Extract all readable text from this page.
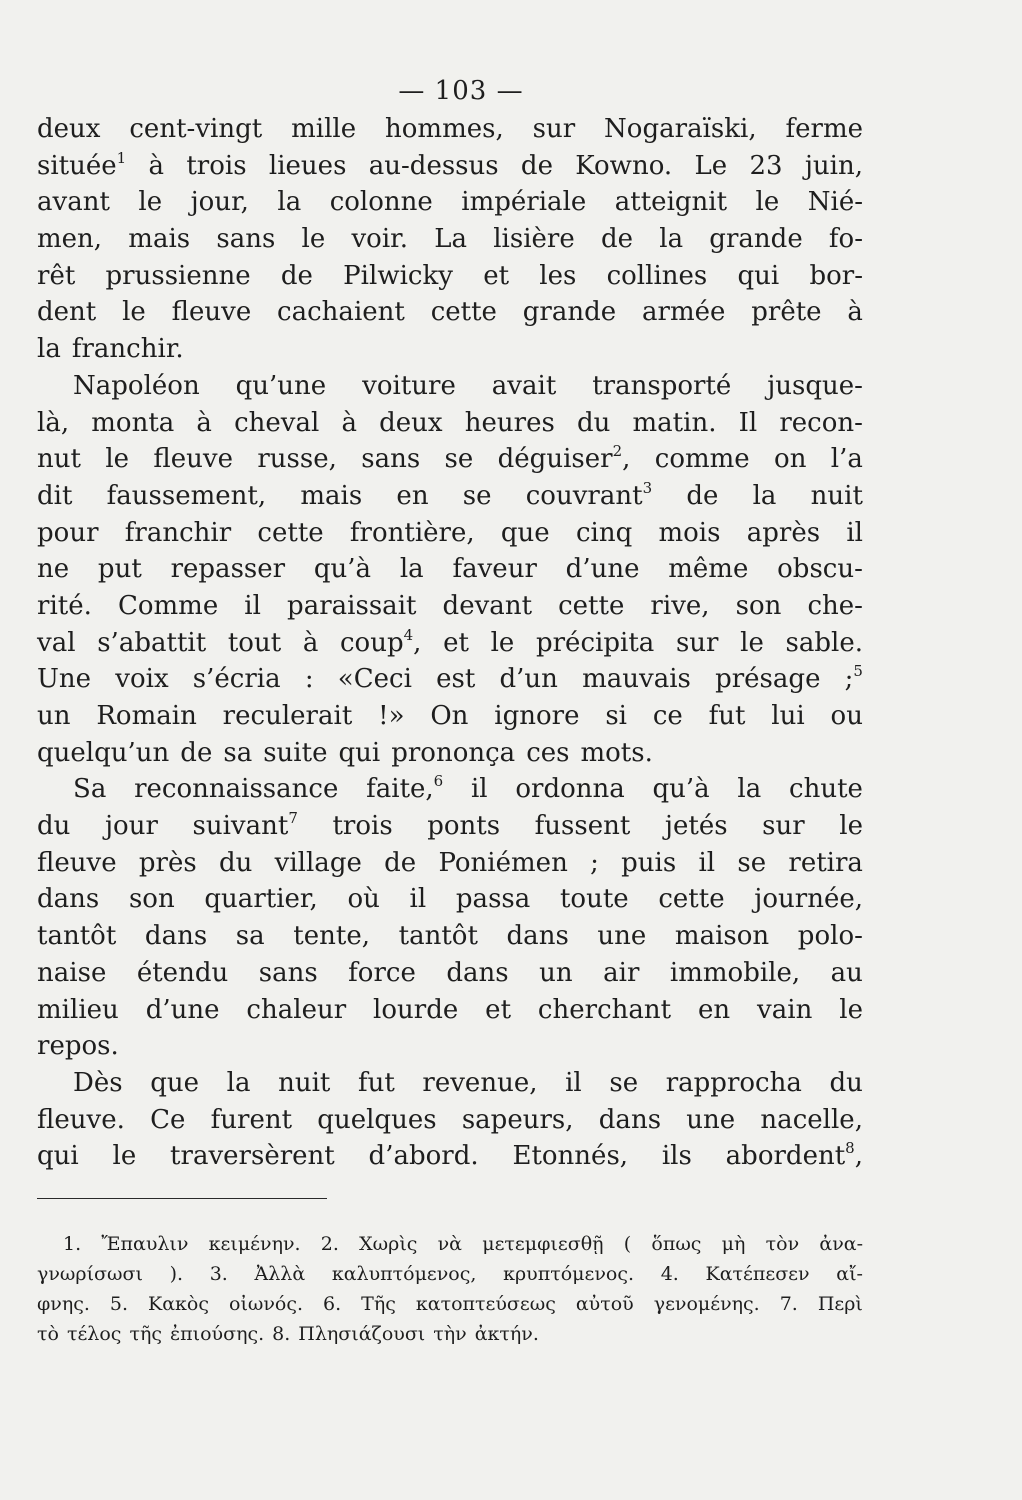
— 103 —
deux cent-vingt mille hommes, sur Nogaraïski, ferme
située$^1$ à trois lieues au-dessus de Kowno. Le 23 juin,
avant le jour, la colonne impériale atteignit le Nié-
men, mais sans le voir. La lisière de la grande fo-
rêt prussienne de Pilwicky et les collines qui bor-
dent le feuve cachaient cette grande armée prête à
la franchir.
Napoléon qu’une voiture avait transporté jusque-
là, monta à cheval à deux heures du matin. Il recon-
nut le feuve russe, sans se déguiser$^2$, comme on l’a
dit faussement, mais en se couvrant$^3$ de la nuit
pour franchir cette frontière, que cinq mois après il
ne put repasser qu’à la faveur d’une même obscu-
rité. Comme il paraissait devant cette rive, son che-
val s’abattit tout à coup$^4$, et le précipita sur le sable.
Une voix s’écria : «Ceci est d’un mauvais présage ;$^5$
un Romain reculerait !» On ignore si ce fut lui ou
quelqu’un de sa suite qui prononça ces mots.
Sa reconnaissance faite,$^6$ il ordonna qu’à la chute
du jour suivant$^7$ trois ponts fussent jetés sur le
feuve près du village de Poniémen ; puis il se retira
dans son quartier, où il passa toute cette journée,
tantôt dans sa tente, tantôt dans une maison polo-
naise étendu sans force dans un air immobile, au
milieu d’une chaleur lourde et cherchant en vain le
repos.
Dès que la nuit fut revenue, il se rapprocha du
feuve. Ce furent quelques sapeurs, dans une nacelle,
qui le traversèrent d’abord. Etonnés, ils abordent$^8$,
1. Ἔπαυλιν κειμένην. 2. Χωρὶς νὰ μετεμφιεσθῇ ( ὅπως μὴ τὸν ἀνα-
γνωρίσωσι ). 3. Ἀλλὰ καλυπτόμενος, κρυπτόμενος. 4. Κατέπεσεν αἴ-
φνης. 5. Κακὸς οἰωνός. 6. Τῆς κατοπτεύσεως αὐτοῦ γενομένης. 7. Περὶ
τὸ τέλος τῆς ἐπιούσης. 8. Πλησιάζουσι τὴν ἀκτήν.
